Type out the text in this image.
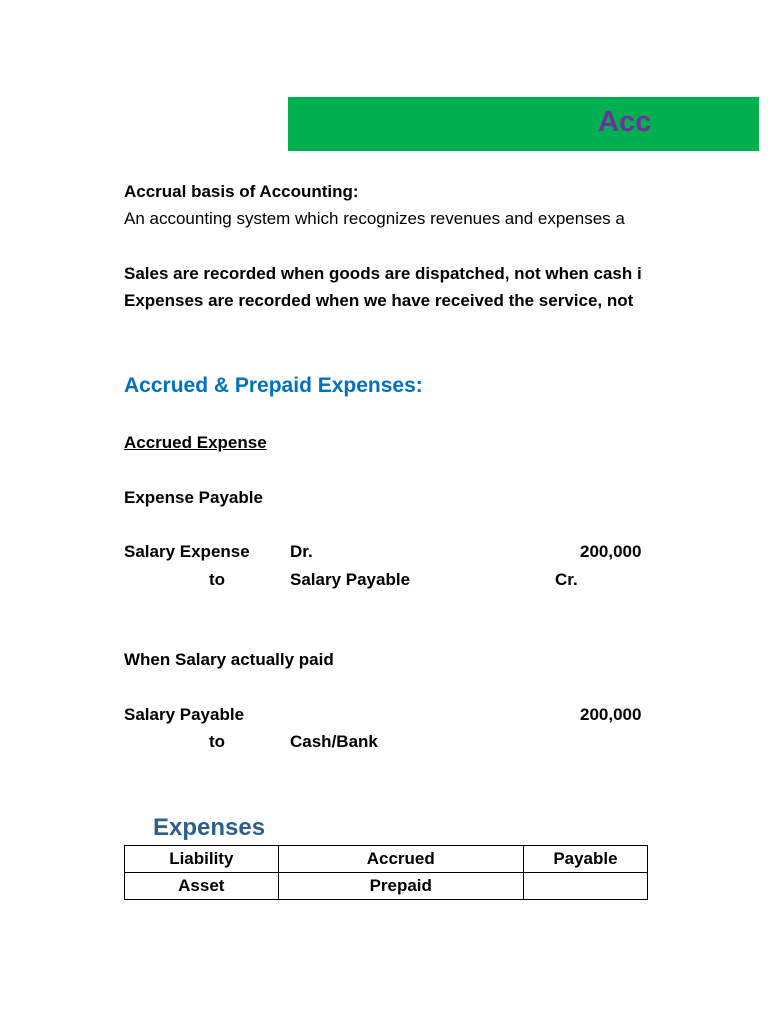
Acc
Accrual basis of Accounting:
An accounting system which recognizes revenues and expenses a
Sales are recorded when goods are dispatched, not when cash i
Expenses are recorded when we have received the service, not
Accrued & Prepaid Expenses:
Accrued Expense
Expense Payable
Salary Expense Dr.	200,000
to	Salary Payable	Cr.
When Salary actually paid
Salary Payable	200,000
to	Cash/Bank
Expenses
Liability	Accrued	Payable
Asset	Prepaid	
